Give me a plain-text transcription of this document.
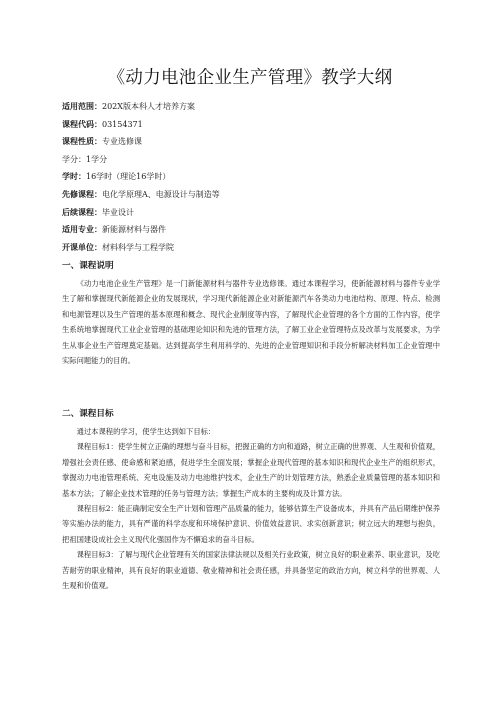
《动力电池企业生产管理》教学大纲
适用范围：202X版本科人才培养方案
课程代码：03154371
课程性质：专业选修课
学分：1学分
学时：16学时（理论16学时）
先修课程：电化学原理A、电源设计与制造等
后续课程：毕业设计
适用专业：新能源材料与器件
开课单位：材料科学与工程学院
一、课程说明

《动力电池企业生产管理》是一门新能源材料与器件专业选修课。通过本课程学习，使新能源材料与器件专业学生了解和掌握现代新能源企业的发展现状，学习现代新能源企业对新能源汽车各类动力电池结构、原理、特点、检测和电源管理以及生产管理的基本原理和概念、现代企业制度等内容，了解现代企业管理的各个方面的工作内容，使学生系统地掌握现代工业企业管理的基础理论知识和先进的管理方法，了解工业企业管理特点及改革与发展要求，为学生从事企业生产管理奠定基础。达到提高学生利用科学的、先进的企业管理知识和手段分析解决材料加工企业管理中实际问题能力的目的。

二、课程目标

通过本课程的学习，使学生达到如下目标：

课程目标1：使学生树立正确的理想与奋斗目标，把握正确的方向和道路，树立正确的世界观、人生观和价值观，增强社会责任感、使命感和紧迫感，促进学生全面发展；掌握企业现代管理的基本知识和现代企业生产的组织形式，掌握动力电池管理系统、充电设施及动力电池维护技术，企业生产的计划管理方法，熟悉企业质量管理的基本知识和基本方法；了解企业技术管理的任务与管理方法；掌握生产成本的主要构成及计算方法。

课程目标2：能正确制定安全生产计划和管理产品质量的能力，能够估算生产设备成本，并具有产品后期维护保养等实施办法的能力，具有严谨的科学态度和环境保护意识、价值效益意识、求实创新意识；树立远大的理想与抱负，把祖国建设成社会主义现代化强国作为不懈追求的奋斗目标。

课程目标3：了解与现代企业管理有关的国家法律法规以及相关行业政策，树立良好的职业素养、职业意识，及吃苦耐劳的职业精神，具有良好的职业道德、敬业精神和社会责任感，并具备坚定的政治方向，树立科学的世界观、人生观和价值观。
